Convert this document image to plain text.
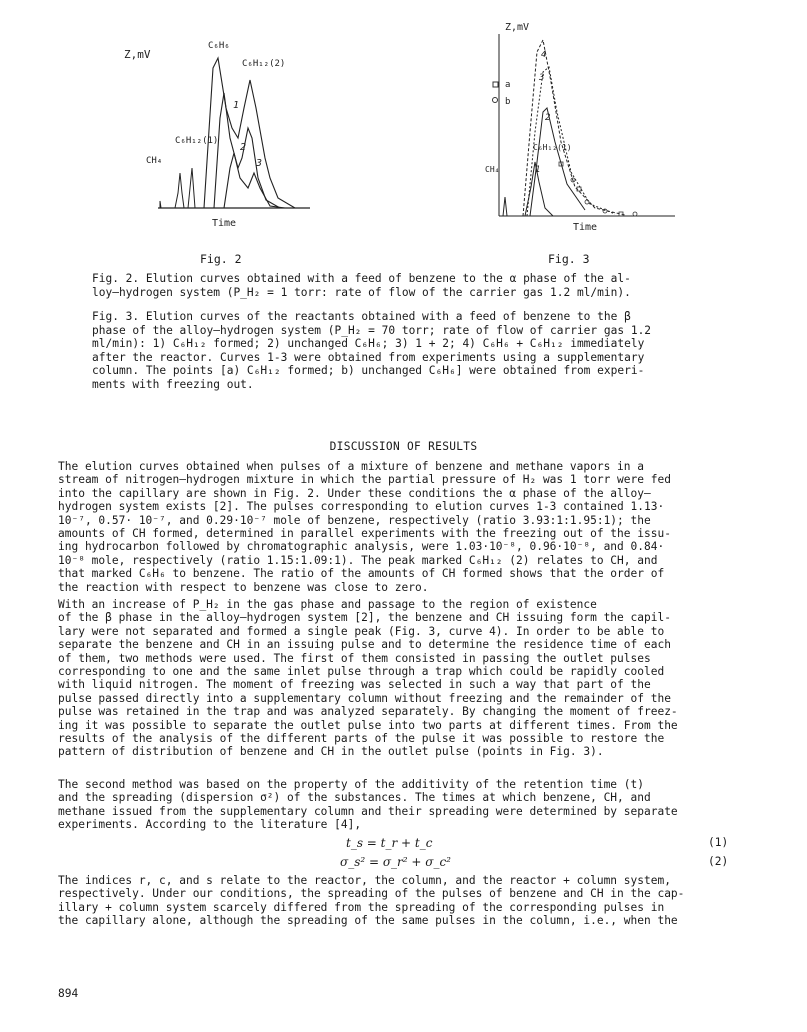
Z,mV
C₆H₆
C₆H₁₂(2)
C₆H₁₂(1)
CH₄
1
2
3
Time
Fig. 2
Z,mV
a
b
C₆H₁₂(1)
CH₄
4
3
2
1
Time
Fig. 3
Fig. 2. Elution curves obtained with a feed of benzene to the α phase of the al-
loy—hydrogen system (P_H₂ = 1 torr: rate of flow of the carrier gas 1.2 ml/min).
Fig. 3. Elution curves of the reactants obtained with a feed of benzene to the β
phase of the alloy—hydrogen system (P_H₂ = 70 torr; rate of flow of carrier gas 1.2
ml/min): 1) C₆H₁₂ formed; 2) unchanged C₆H₆; 3) 1 + 2; 4) C₆H₆ + C₆H₁₂ immediately
after the reactor. Curves 1-3 were obtained from experiments using a supplementary
column. The points [a) C₆H₁₂ formed; b) unchanged C₆H₆] were obtained from experi-
ments with freezing out.
DISCUSSION OF RESULTS
The elution curves obtained when pulses of a mixture of benzene and methane vapors in a
stream of nitrogen—hydrogen mixture in which the partial pressure of H₂ was 1 torr were fed
into the capillary are shown in Fig. 2. Under these conditions the α phase of the alloy—
hydrogen system exists [2]. The pulses corresponding to elution curves 1-3 contained 1.13·
10⁻⁷, 0.57· 10⁻⁷, and 0.29·10⁻⁷ mole of benzene, respectively (ratio 3.93:1:1.95:1); the
amounts of CH formed, determined in parallel experiments with the freezing out of the issu-
ing hydrocarbon followed by chromatographic analysis, were 1.03·10⁻⁸, 0.96·10⁻⁸, and 0.84·
10⁻⁸ mole, respectively (ratio 1.15:1.09:1). The peak marked C₆H₁₂ (2) relates to CH, and
that marked C₆H₆ to benzene. The ratio of the amounts of CH formed shows that the order of
the reaction with respect to benzene was close to zero.
With an increase of P_H₂ in the gas phase and passage to the region of existence
of the β phase in the alloy—hydrogen system [2], the benzene and CH issuing form the capil-
lary were not separated and formed a single peak (Fig. 3, curve 4). In order to be able to
separate the benzene and CH in an issuing pulse and to determine the residence time of each
of them, two methods were used. The first of them consisted in passing the outlet pulses
corresponding to one and the same inlet pulse through a trap which could be rapidly cooled
with liquid nitrogen. The moment of freezing was selected in such a way that part of the
pulse passed directly into a supplementary column without freezing and the remainder of the
pulse was retained in the trap and was analyzed separately. By changing the moment of freez-
ing it was possible to separate the outlet pulse into two parts at different times. From the
results of the analysis of the different parts of the pulse it was possible to restore the
pattern of distribution of benzene and CH in the outlet pulse (points in Fig. 3).
The second method was based on the property of the additivity of the retention time (t)
and the spreading (dispersion σ²) of the substances. The times at which benzene, CH, and
methane issued from the supplementary column and their spreading were determined by separate
experiments. According to the literature [4],
t_s = t_r + t_c	(1)
σ_s² = σ_r² + σ_c²	(2)
The indices r, c, and s relate to the reactor, the column, and the reactor + column system,
respectively. Under our conditions, the spreading of the pulses of benzene and CH in the cap-
illary + column system scarcely differed from the spreading of the corresponding pulses in
the capillary alone, although the spreading of the same pulses in the column, i.e., when the
894
